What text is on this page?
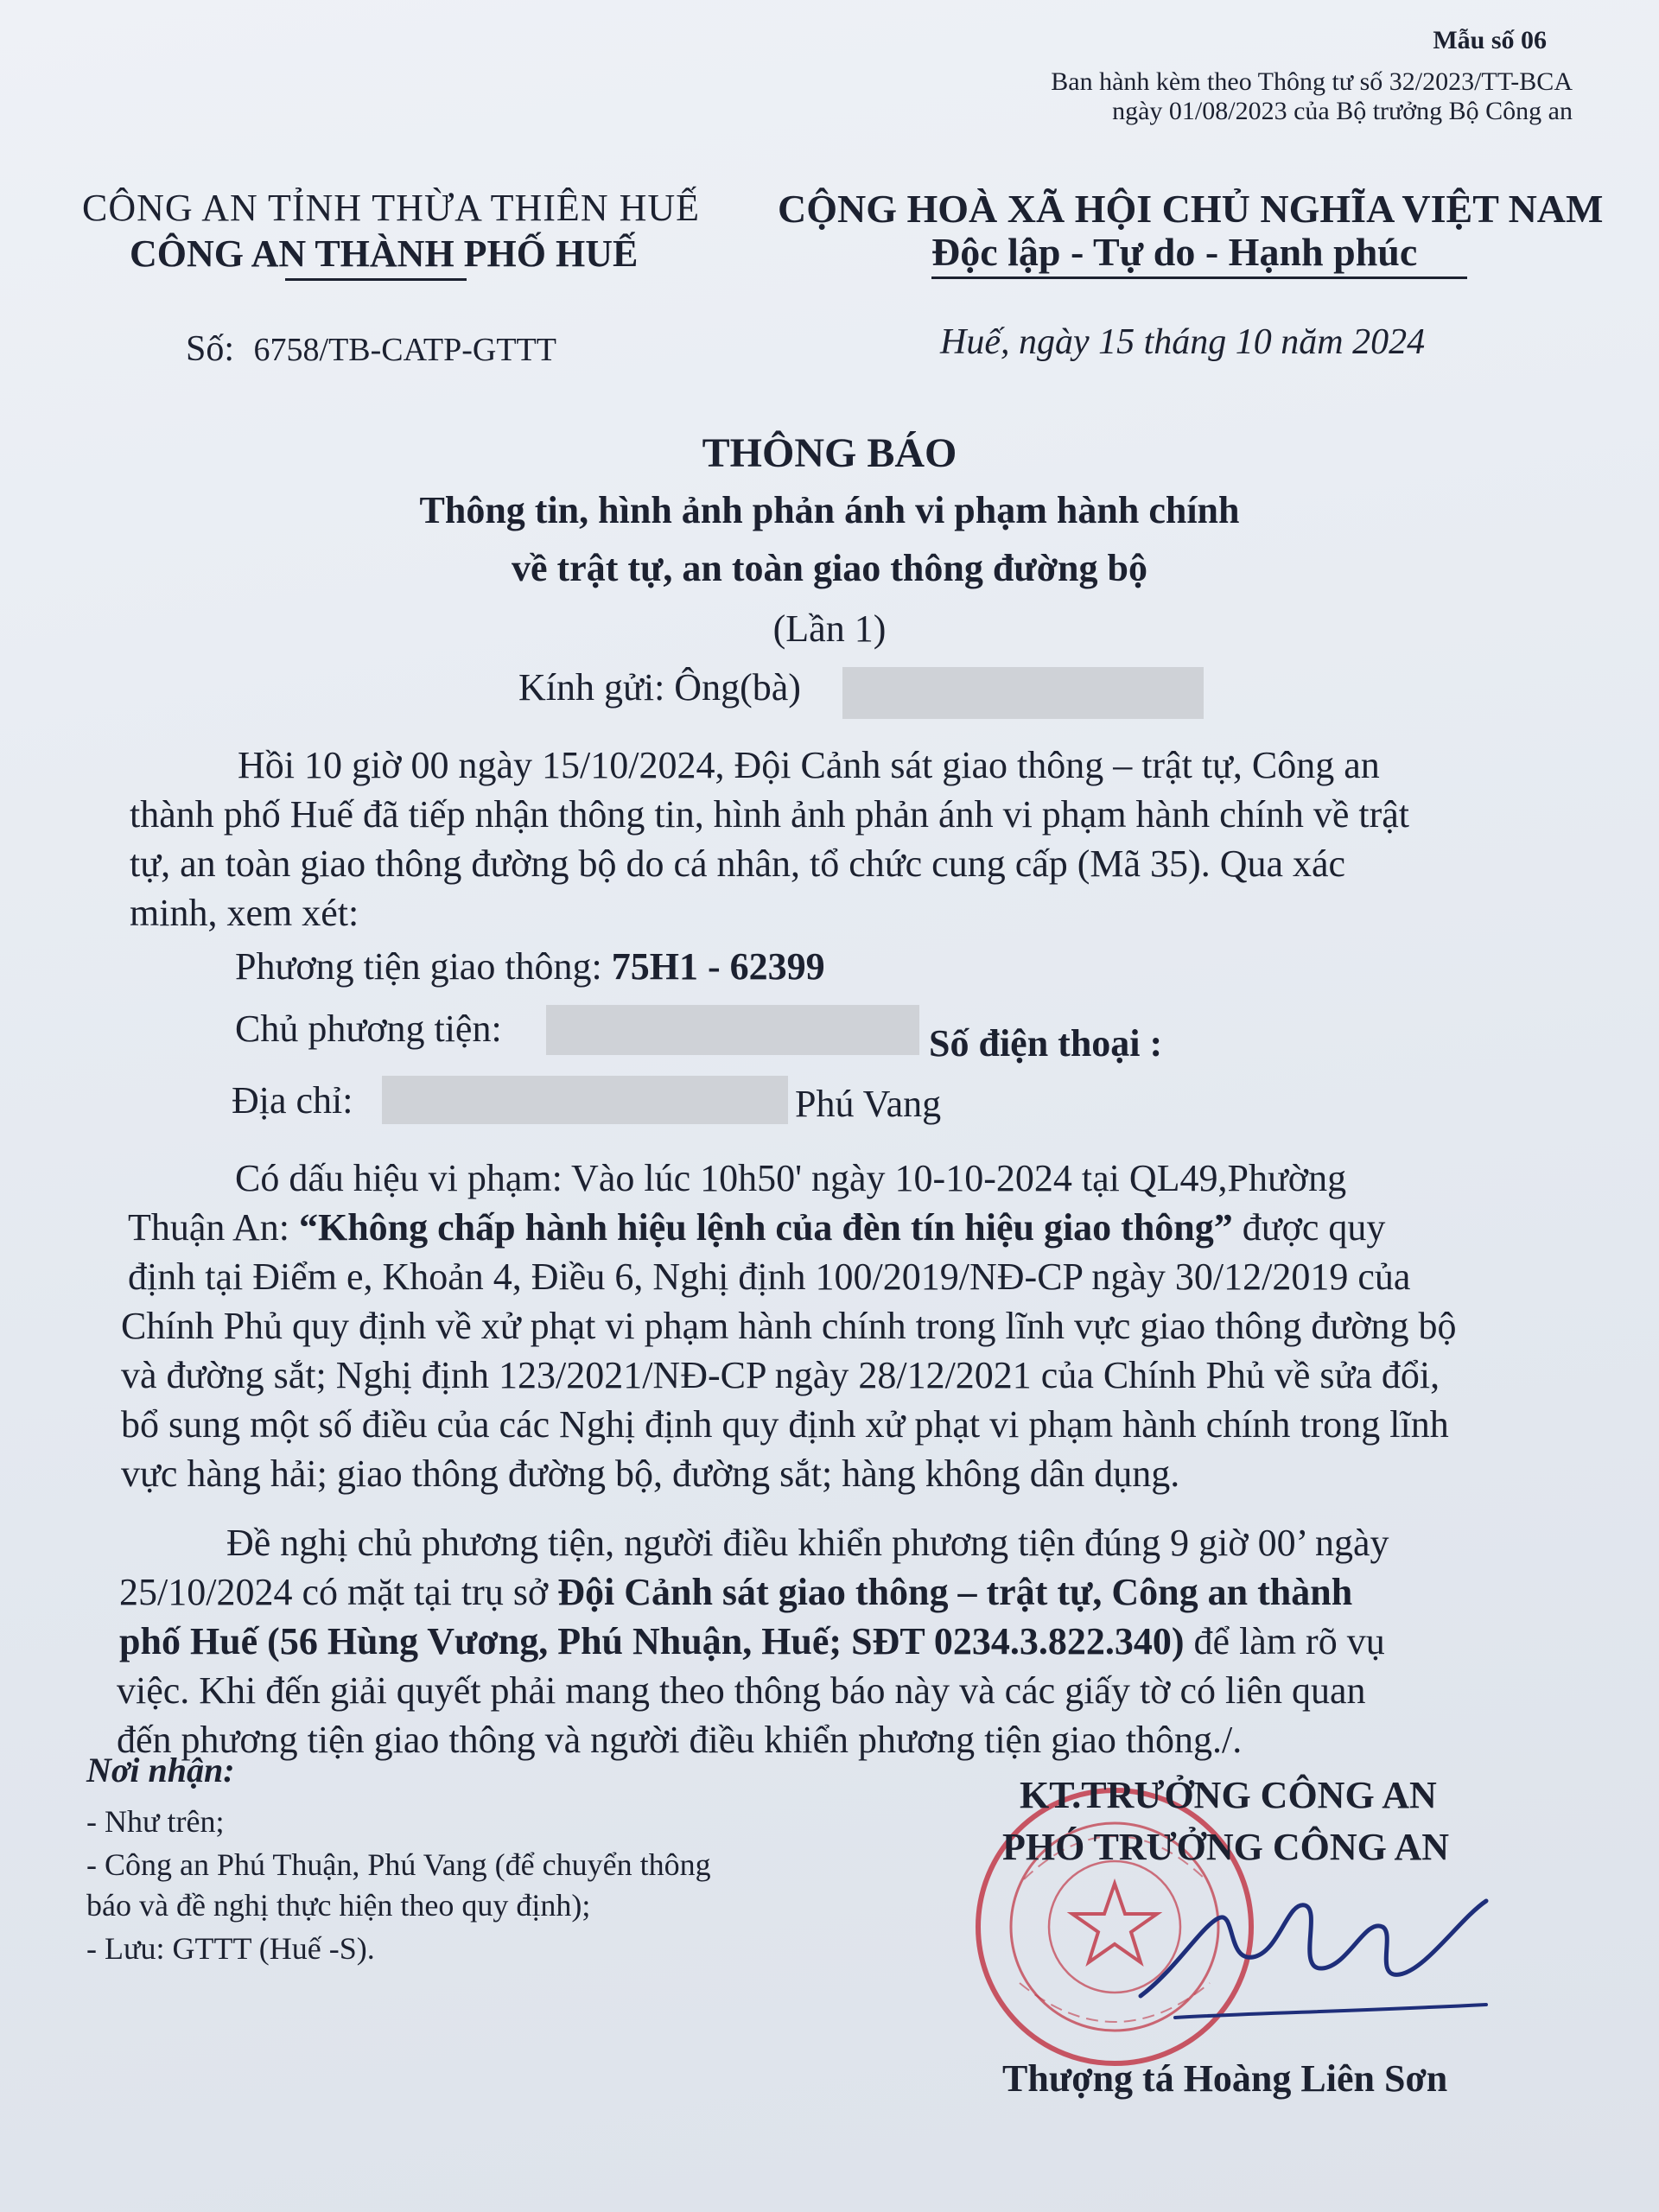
Mẫu số 06
Ban hành kèm theo Thông tư số 32/2023/TT-BCA
ngày 01/08/2023 của Bộ trưởng Bộ Công an
CÔNG AN TỈNH THỪA THIÊN HUẾ
CÔNG AN THÀNH PHỐ HUẾ
CỘNG HOÀ XÃ HỘI CHỦ NGHĨA VIỆT NAM
Độc lập - Tự do - Hạnh phúc
Số: 6758/TB-CATP-GTTT	Huế, ngày 15 tháng 10 năm 2024
THÔNG BÁO
Thông tin, hình ảnh phản ánh vi phạm hành chính
về trật tự, an toàn giao thông đường bộ
(Lần 1)
Kính gửi: Ông(bà)
Hồi 10 giờ 00 ngày 15/10/2024, Đội Cảnh sát giao thông – trật tự, Công an
thành phố Huế đã tiếp nhận thông tin, hình ảnh phản ánh vi phạm hành chính về trật
tự, an toàn giao thông đường bộ do cá nhân, tổ chức cung cấp (Mã 35). Qua xác
minh, xem xét:
Phương tiện giao thông: 75H1 - 62399
Chủ phương tiện:	Số điện thoại :
Địa chỉ:	Phú Vang
Có dấu hiệu vi phạm: Vào lúc 10h50' ngày 10-10-2024 tại QL49,Phường
Thuận An: “Không chấp hành hiệu lệnh của đèn tín hiệu giao thông” được quy
định tại Điểm e, Khoản 4, Điều 6, Nghị định 100/2019/NĐ-CP ngày 30/12/2019 của
Chính Phủ quy định về xử phạt vi phạm hành chính trong lĩnh vực giao thông đường bộ
và đường sắt; Nghị định 123/2021/NĐ-CP ngày 28/12/2021 của Chính Phủ về sửa đổi,
bổ sung một số điều của các Nghị định quy định xử phạt vi phạm hành chính trong lĩnh
vực hàng hải; giao thông đường bộ, đường sắt; hàng không dân dụng.
Đề nghị chủ phương tiện, người điều khiển phương tiện đúng 9 giờ 00’ ngày
25/10/2024 có mặt tại trụ sở Đội Cảnh sát giao thông – trật tự, Công an thành
phố Huế (56 Hùng Vương, Phú Nhuận, Huế; SĐT 0234.3.822.340) để làm rõ vụ
việc. Khi đến giải quyết phải mang theo thông báo này và các giấy tờ có liên quan
đến phương tiện giao thông và người điều khiển phương tiện giao thông./.
Nơi nhận:
- Như trên;
- Công an Phú Thuận, Phú Vang (để chuyển thông
báo và đề nghị thực hiện theo quy định);
- Lưu: GTTT (Huế -S).
KT.TRƯỞNG CÔNG AN
PHÓ TRƯỞNG CÔNG AN
Thượng tá Hoàng Liên Sơn
